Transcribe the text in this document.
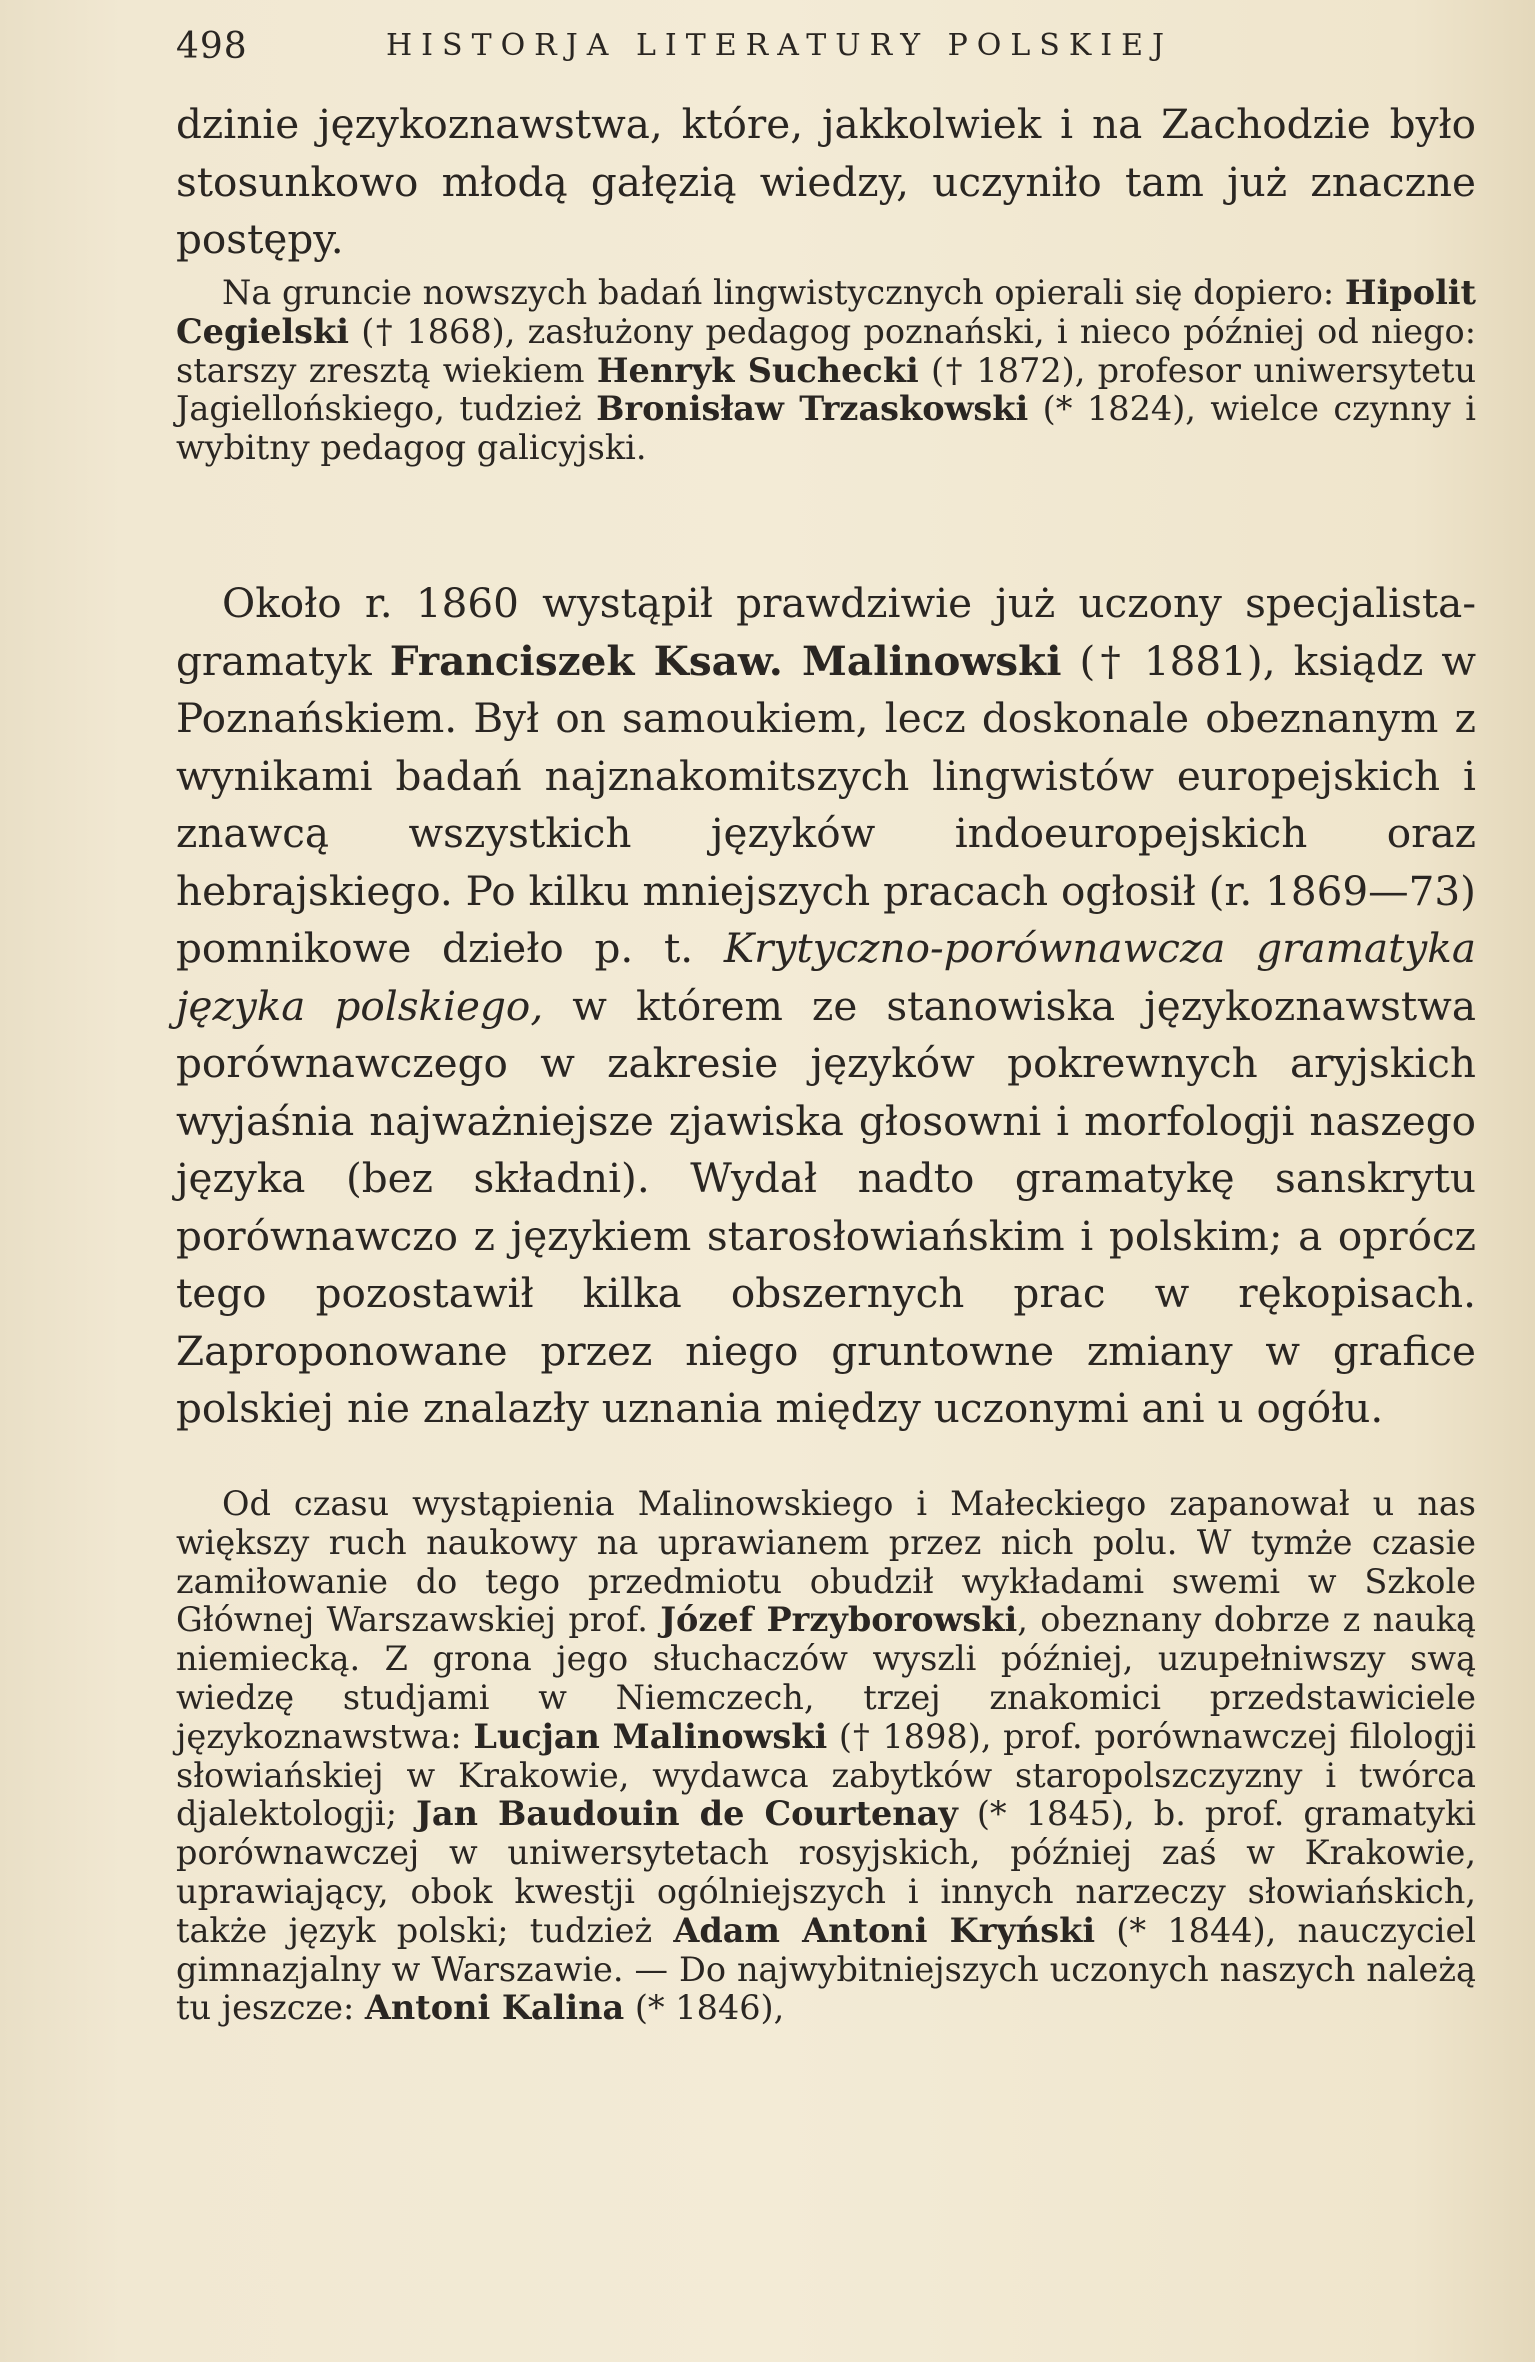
498	HISTORJA LITERATURY POLSKIEJ

dzinie językoznawstwa, które, jakkolwiek i na Zachodzie było stosunkowo młodą gałęzią wiedzy, uczyniło tam już znaczne postępy.

Na gruncie nowszych badań lingwistycznych opierali się dopiero: Hipolit Cegielski († 1868), zasłużony pedagog poznański, i nieco później od niego: starszy zresztą wiekiem Henryk Suchecki († 1872), profesor uniwersytetu Jagiellońskiego, tudzież Bronisław Trzaskowski (* 1824), wielce czynny i wybitny pedagog galicyjski.

Około r. 1860 wystąpił prawdziwie już uczony specjalista-gramatyk Franciszek Ksaw. Malinowski († 1881), ksiądz w Poznańskiem. Był on samoukiem, lecz doskonale obeznanym z wynikami badań najznakomitszych lingwistów europejskich i znawcą wszystkich języków indoeuropejskich oraz hebrajskiego. Po kilku mniejszych pracach ogłosił (r. 1869—73) pomnikowe dzieło p. t. Krytyczno-porównawcza gramatyka języka polskiego, w którem ze stanowiska językoznawstwa porównawczego w zakresie języków pokrewnych aryjskich wyjaśnia najważniejsze zjawiska głosowni i morfologji naszego języka (bez składni). Wydał nadto gramatykę sanskrytu porównawczo z językiem starosłowiańskim i polskim; a oprócz tego pozostawił kilka obszernych prac w rękopisach. Zaproponowane przez niego gruntowne zmiany w grafice polskiej nie znalazły uznania między uczonymi ani u ogółu.

Od czasu wystąpienia Malinowskiego i Małeckiego zapanował u nas większy ruch naukowy na uprawianem przez nich polu. W tymże czasie zamiłowanie do tego przedmiotu obudził wykładami swemi w Szkole Głównej Warszawskiej prof. Józef Przyborowski, obeznany dobrze z nauką niemiecką. Z grona jego słuchaczów wyszli później, uzupełniwszy swą wiedzę studjami w Niemczech, trzej znakomici przedstawiciele językoznawstwa: Lucjan Malinowski († 1898), prof. porównawczej filologji słowiańskiej w Krakowie, wydawca zabytków staropolszczyzny i twórca djalektologji; Jan Baudouin de Courtenay (* 1845), b. prof. gramatyki porównawczej w uniwersytetach rosyjskich, później zaś w Krakowie, uprawiający, obok kwestji ogólniejszych i innych narzeczy słowiańskich, także język polski; tudzież Adam Antoni Kryński (* 1844), nauczyciel gimnazjalny w Warszawie. — Do najwybitniejszych uczonych naszych należą tu jeszcze: Antoni Kalina (* 1846),
